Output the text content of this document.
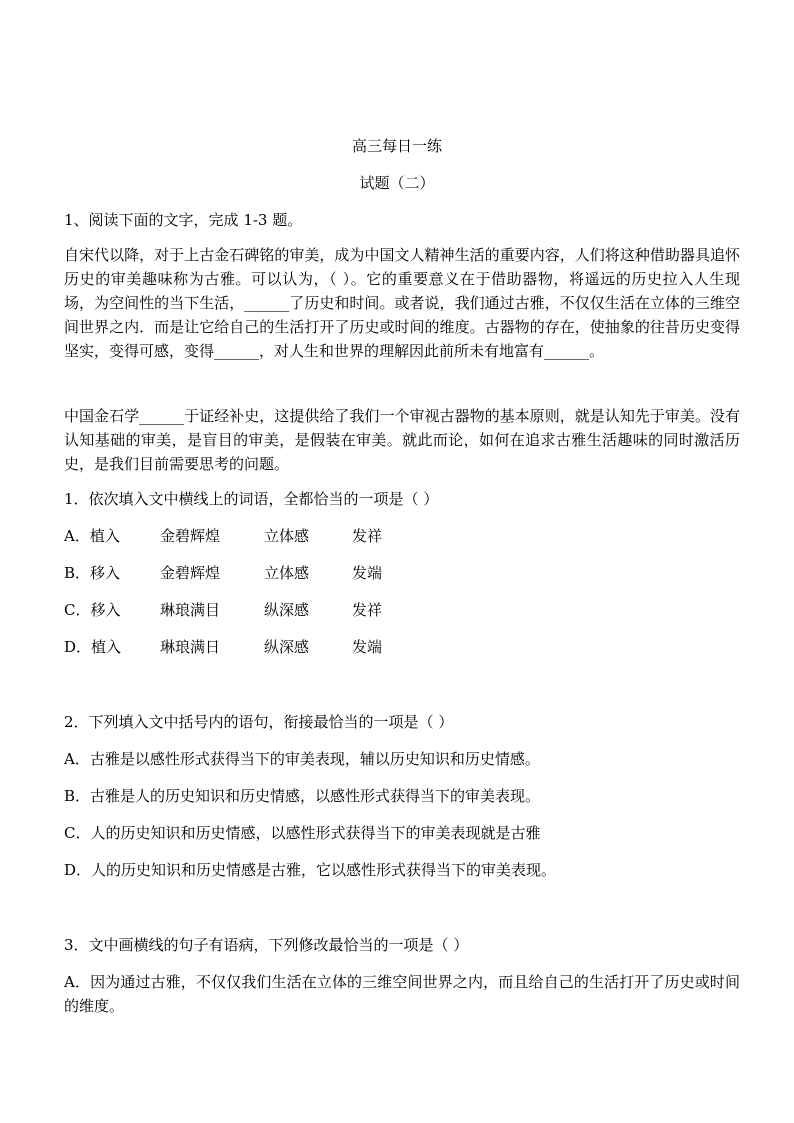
高三每日一练
试题（二）
1、阅读下面的文字，完成 1-3 题。
自宋代以降，对于上古金石碑铭的审美，成为中国文人精神生活的重要内容，人们将这种借助器具追怀历史的审美趣味称为古雅。可以认为，（ ）。它的重要意义在于借助器物，将遥远的历史拉入人生现场，为空间性的当下生活，______了历史和时间。或者说，我们通过古雅，不仅仅生活在立体的三维空间世界之内．而是让它给自己的生活打开了历史或时间的维度。古器物的存在，使抽象的往昔历史变得坚实，变得可感，变得______，对人生和世界的理解因此前所未有地富有______。
中国金石学______于证经补史，这提供给了我们一个审视古器物的基本原则，就是认知先于审美。没有认知基础的审美，是盲目的审美，是假装在审美。就此而论，如何在追求古雅生活趣味的同时激活历史，是我们目前需要思考的问题。
1．依次填入文中横线上的词语，全都恰当的一项是（ ）
A．植入	金碧辉煌	立体感	发祥
B．移入	金碧辉煌	立体感	发端
C．移入	琳琅满目	纵深感	发祥
D．植入	琳琅满日	纵深感	发端
2．下列填入文中括号内的语句，衔接最恰当的一项是（ ）
A．古雅是以感性形式获得当下的审美表现，辅以历史知识和历史情感。
B．古雅是人的历史知识和历史情感，以感性形式获得当下的审美表现。
C．人的历史知识和历史情感，以感性形式获得当下的审美表现就是古雅
D．人的历史知识和历史情感是古雅，它以感性形式获得当下的审美表现。
3．文中画横线的句子有语病，下列修改最恰当的一项是（ ）
A．因为通过古雅，不仅仅我们生活在立体的三维空间世界之内，而且给自己的生活打开了历史或时间的维度。
